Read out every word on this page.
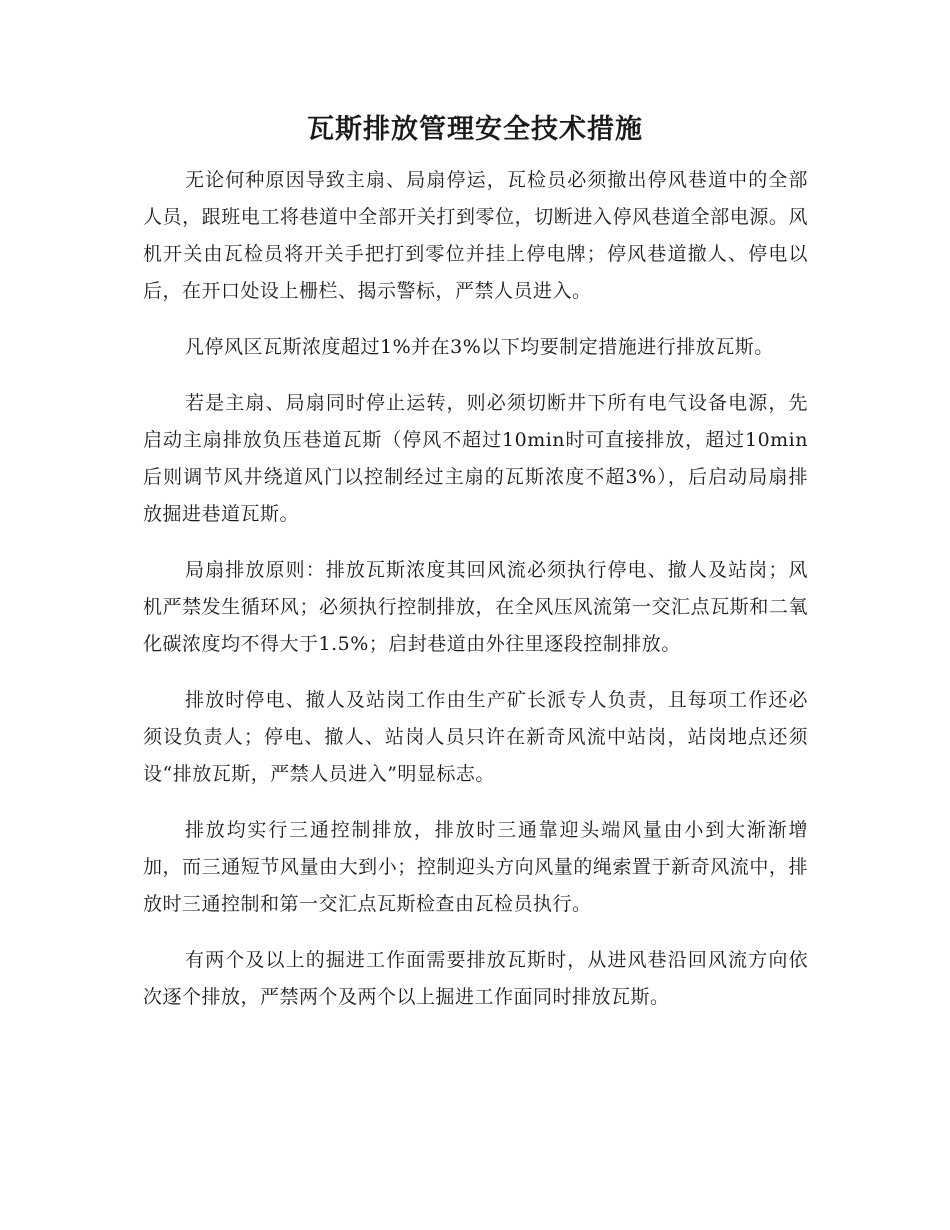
瓦斯排放管理安全技术措施

无论何种原因导致主扇、局扇停运，瓦检员必须撤出停风巷道中的全部人员，跟班电工将巷道中全部开关打到零位，切断进入停风巷道全部电源。风机开关由瓦检员将开关手把打到零位并挂上停电牌；停风巷道撤人、停电以后，在开口处设上栅栏、揭示警标，严禁人员进入。

凡停风区瓦斯浓度超过1%并在3%以下均要制定措施进行排放瓦斯。

若是主扇、局扇同时停止运转，则必须切断井下所有电气设备电源，先启动主扇排放负压巷道瓦斯（停风不超过10min时可直接排放，超过10min后则调节风井绕道风门以控制经过主扇的瓦斯浓度不超3%），后启动局扇排放掘进巷道瓦斯。

局扇排放原则：排放瓦斯浓度其回风流必须执行停电、撤人及站岗；风机严禁发生循环风；必须执行控制排放，在全风压风流第一交汇点瓦斯和二氧化碳浓度均不得大于1.5%；启封巷道由外往里逐段控制排放。

排放时停电、撤人及站岗工作由生产矿长派专人负责，且每项工作还必须设负责人；停电、撤人、站岗人员只许在新奇风流中站岗，站岗地点还须设“排放瓦斯，严禁人员进入”明显标志。

排放均实行三通控制排放，排放时三通靠迎头端风量由小到大渐渐增加，而三通短节风量由大到小；控制迎头方向风量的绳索置于新奇风流中，排放时三通控制和第一交汇点瓦斯检查由瓦检员执行。

有两个及以上的掘进工作面需要排放瓦斯时，从进风巷沿回风流方向依次逐个排放，严禁两个及两个以上掘进工作面同时排放瓦斯。
